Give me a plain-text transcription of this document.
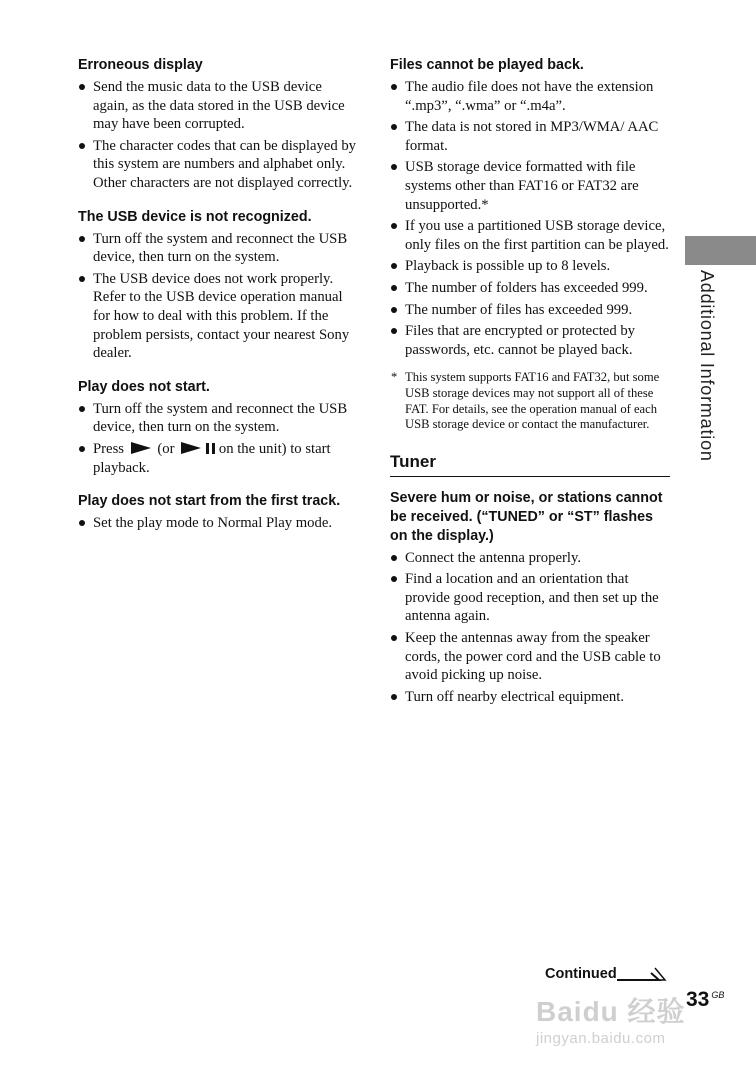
Erroneous display
Send the music data to the USB device again, as the data stored in the USB device may have been corrupted.
The character codes that can be displayed by this system are numbers and alphabet only. Other characters are not displayed correctly.
The USB device is not recognized.
Turn off the system and reconnect the USB device, then turn on the system.
The USB device does not work properly. Refer to the USB device operation manual for how to deal with this problem. If the problem persists, contact your nearest Sony dealer.
Play does not start.
Turn off the system and reconnect the USB device, then turn on the system.
Press (or	on the unit) to start playback.
Play does not start from the first track.
Set the play mode to Normal Play mode.
Files cannot be played back.
The audio file does not have the extension “.mp3”, “.wma” or “.m4a”.
The data is not stored in MP3/WMA/ AAC format.
USB storage device formatted with file systems other than FAT16 or FAT32 are unsupported.*
If you use a partitioned USB storage device, only files on the first partition can be played.
Playback is possible up to 8 levels.
The number of folders has exceeded 999.
The number of files has exceeded 999.
Files that are encrypted or protected by passwords, etc. cannot be played back.
* This system supports FAT16 and FAT32, but some USB storage devices may not support all of these FAT. For details, see the operation manual of each USB storage device or contact the manufacturer.
Tuner
Severe hum or noise, or stations cannot be received. (“TUNED” or “ST” flashes on the display.)
Connect the antenna properly.
Find a location and an orientation that provide good reception, and then set up the antenna again.
Keep the antennas away from the speaker cords, the power cord and the USB cable to avoid picking up noise.
Turn off nearby electrical equipment.
Additional Information
Baidu 经验
jingyan.baidu.com
Continued
33 $^{GB}$
